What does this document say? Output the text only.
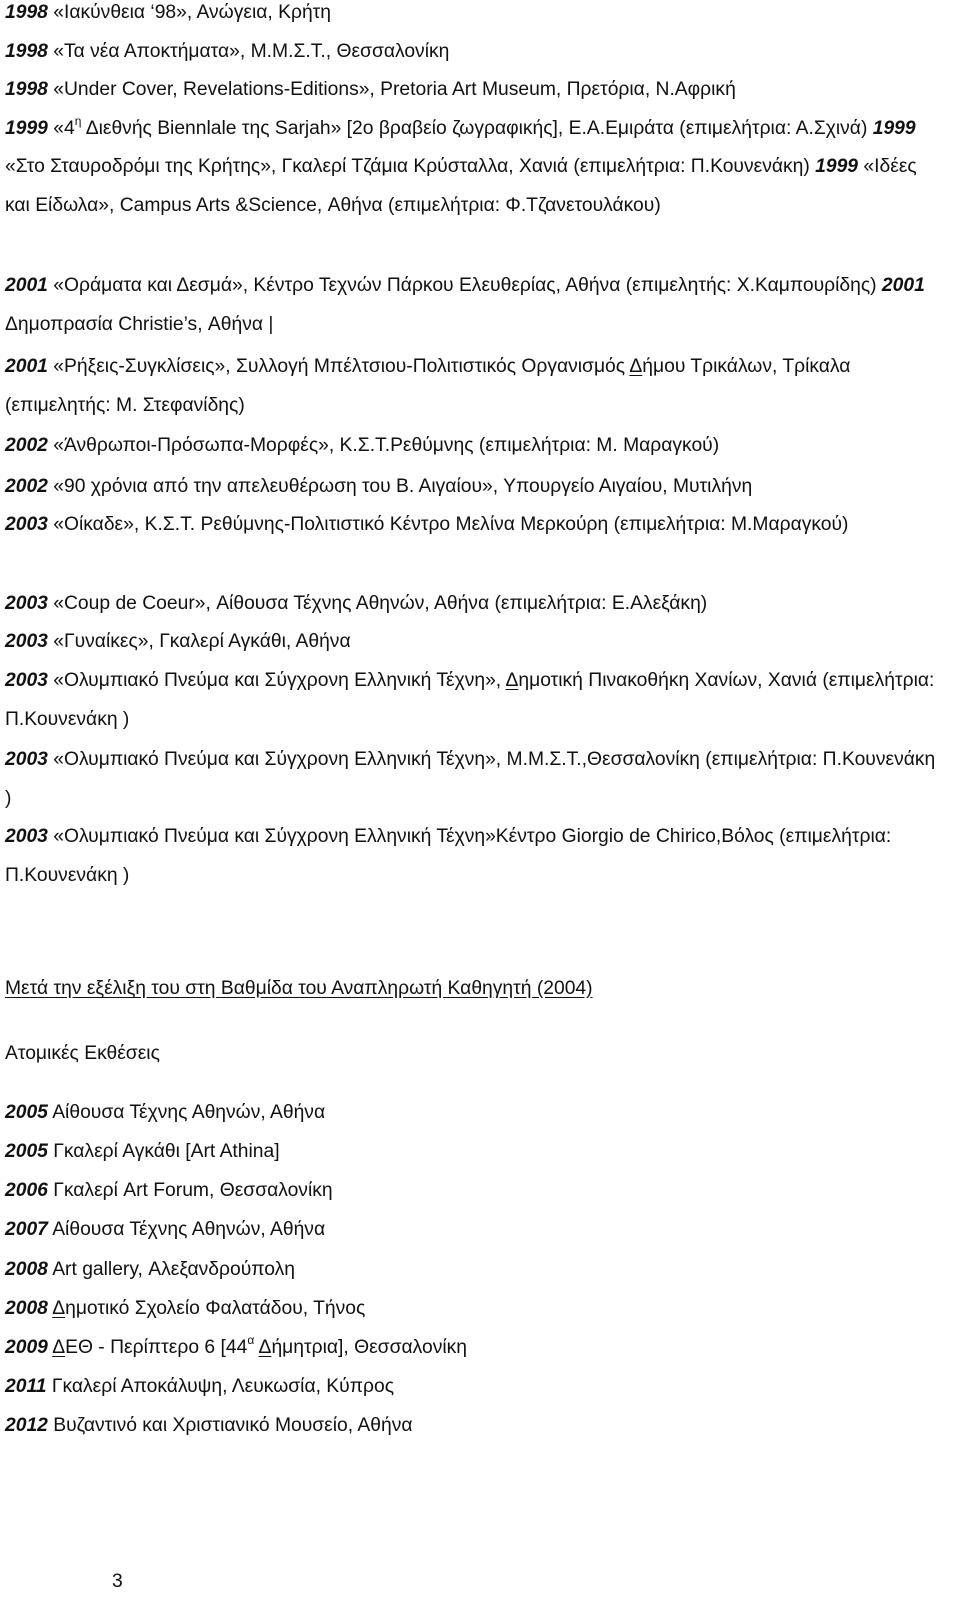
1998 «Ιακύνθεια ‘98», Ανώγεια, Κρήτη
1998 «Τα νέα Αποκτήματα», Μ.Μ.Σ.Τ., Θεσσαλονίκη
1998 «Under Cover, Revelations-Editions», Pretoria Art Museum, Πρετόρια, Ν.Αφρική
1999 «$4^\eta$ Διεθνής Biennlale της Sarjah» [2o βραβείο ζωγραφικής], Ε.Α.Εμιράτα (επιμελήτρια: Α.Σχινά) 1999 «Στο Σταυροδρόμι της Κρήτης», Γκαλερί Τζάμια Κρύσταλλα, Χανιά (επιμελήτρια: Π.Κουνενάκη) 1999 «Ιδέες και Είδωλα», Campus Arts &Science, Αθήνα (επιμελήτρια: Φ.Τζανετουλάκου)
2001 «Οράματα και Δεσμά», Κέντρο Τεχνών Πάρκου Ελευθερίας, Αθήνα (επιμελητής: Χ.Καμπουρίδης) 2001 Δημοπρασία Christie’s, Αθήνα |
2001 «Ρήξεις-Συγκλίσεις», Συλλογή Μπέλτσιου-Πολιτιστικός Οργανισμός Δήμου Τρικάλων, Τρίκαλα (επιμελητής: Μ. Στεφανίδης)
2002 «Άνθρωποι-Πρόσωπα-Μορφές», Κ.Σ.Τ.Ρεθύμνης (επιμελήτρια: Μ. Μαραγκού)
2002 «90 χρόνια από την απελευθέρωση του Β. Αιγαίου», Υπουργείο Αιγαίου, Μυτιλήνη
2003 «Οίκαδε», Κ.Σ.Τ. Ρεθύμνης-Πολιτιστικό Κέντρο Μελίνα Μερκούρη (επιμελήτρια: Μ.Μαραγκού)
2003 «Coup de Coeur», Αίθουσα Τέχνης Αθηνών, Αθήνα (επιμελήτρια: Ε.Αλεξάκη)
2003 «Γυναίκες», Γκαλερί Αγκάθι, Αθήνα
2003 «Ολυμπιακό Πνεύμα και Σύγχρονη Ελληνική Τέχνη», Δημοτική Πινακοθήκη Χανίων, Χανιά (επιμελήτρια: Π.Κουνενάκη )
2003 «Ολυμπιακό Πνεύμα και Σύγχρονη Ελληνική Τέχνη», Μ.Μ.Σ.Τ.,Θεσσαλονίκη (επιμελήτρια: Π.Κουνενάκη )
2003 «Ολυμπιακό Πνεύμα και Σύγχρονη Ελληνική Τέχνη»Κέντρο Giorgio de Chirico,Βόλος (επιμελήτρια: Π.Κουνενάκη )
Μετά την εξέλιξη του στη Βαθμίδα του Αναπληρωτή Καθηγητή (2004)
Ατομικές Εκθέσεις
2005 Αίθουσα Τέχνης Αθηνών, Αθήνα
2005 Γκαλερί Αγκάθι [Art Athina]
2006 Γκαλερί Art Forum, Θεσσαλονίκη
2007 Αίθουσα Τέχνης Αθηνών, Αθήνα
2008 Art gallery, Αλεξανδρούπολη
2008 Δημοτικό Σχολείο Φαλατάδου, Τήνος
2009 ΔΕΘ - Περίπτερο 6 [$44^\alpha$ Δήμητρια], Θεσσαλονίκη
2011 Γκαλερί Αποκάλυψη, Λευκωσία, Κύπρος
2012 Βυζαντινό και Χριστιανικό Μουσείο, Αθήνα
3
